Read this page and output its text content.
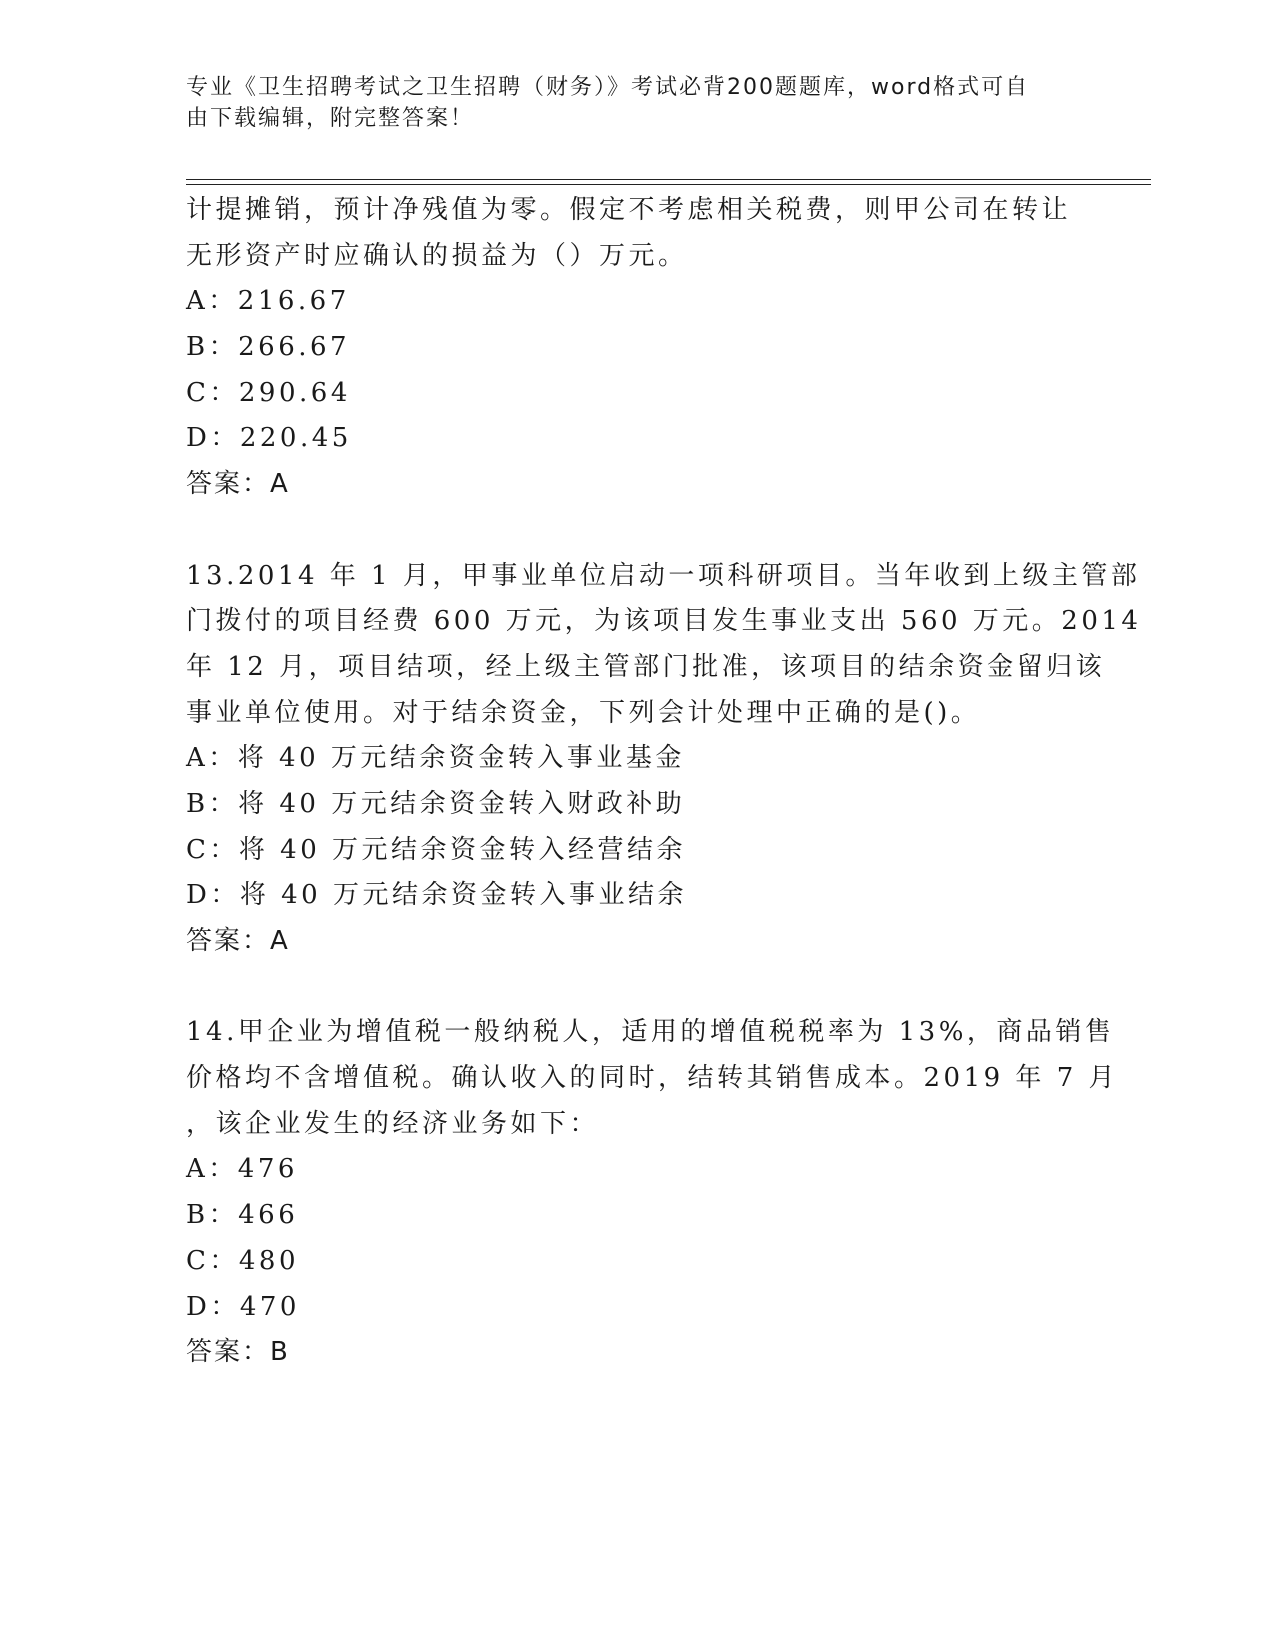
专业《卫生招聘考试之卫生招聘（财务）》考试必背200题题库，word格式可自
由下载编辑，附完整答案！
计提摊销，预计净残值为零。假定不考虑相关税费，则甲公司在转让
无形资产时应确认的损益为（）万元。
A：216.67
B：266.67
C：290.64
D：220.45
答案：A
13.2014 年 1 月，甲事业单位启动一项科研项目。当年收到上级主管部
门拨付的项目经费 600 万元，为该项目发生事业支出 560 万元。2014
年 12 月，项目结项，经上级主管部门批准，该项目的结余资金留归该
事业单位使用。对于结余资金，下列会计处理中正确的是()。
A：将 40 万元结余资金转入事业基金
B：将 40 万元结余资金转入财政补助
C：将 40 万元结余资金转入经营结余
D：将 40 万元结余资金转入事业结余
答案：A
14.甲企业为增值税一般纳税人，适用的增值税税率为 13%，商品销售
价格均不含增值税。确认收入的同时，结转其销售成本。2019 年 7 月
，该企业发生的经济业务如下：
A：476
B：466
C：480
D：470
答案：B
